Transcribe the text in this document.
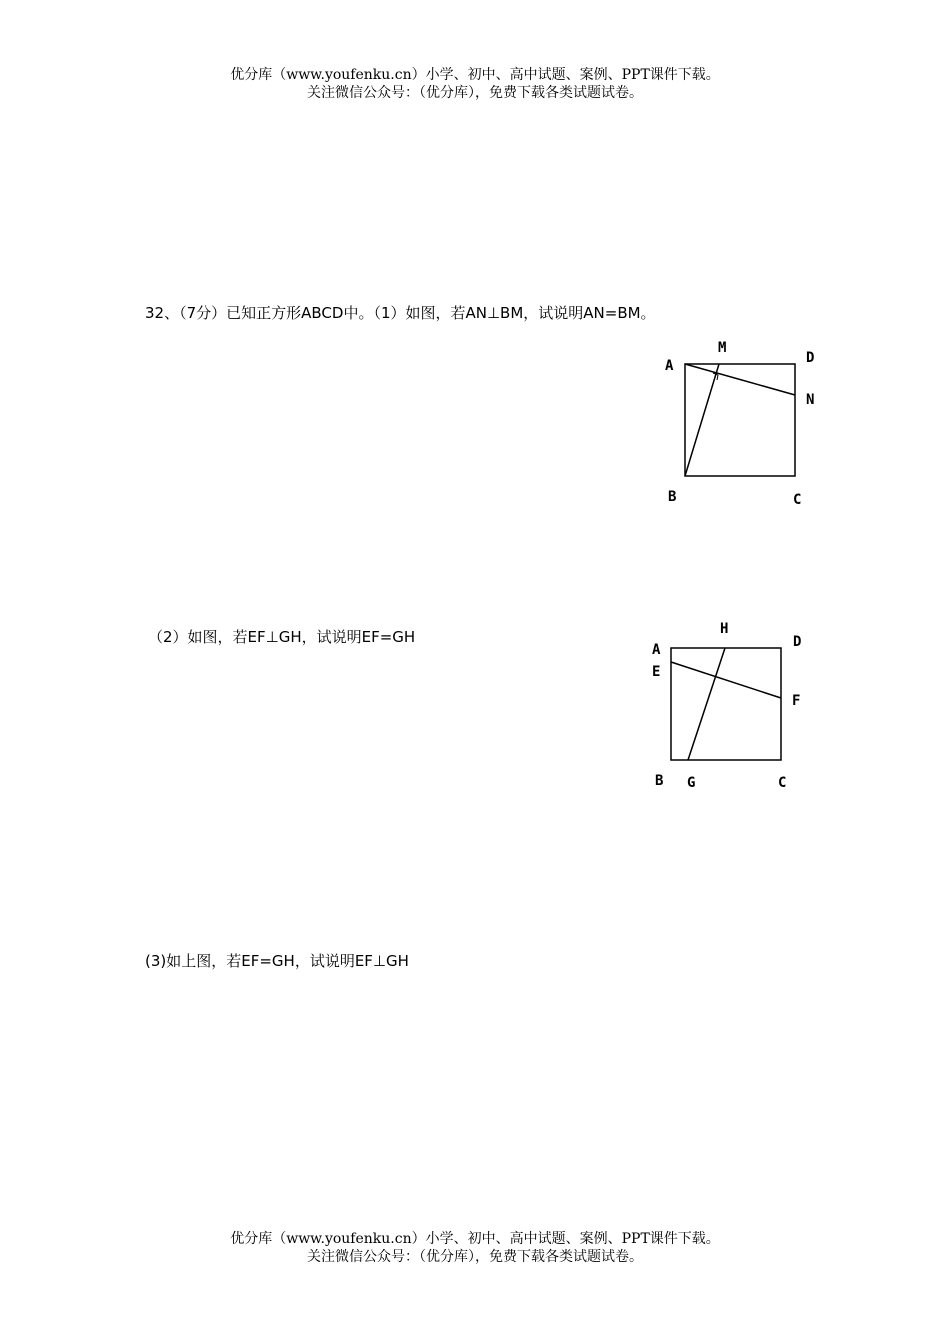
优分库（www.youfenku.cn）小学、初中、高中试题、案例、PPT课件下载。
关注微信公众号：（优分库），免费下载各类试题试卷。
32、（7分）已知正方形ABCD中。（1）如图，若AN⊥BM，试说明AN=BM。
A
M
D
N
B	C
（2）如图，若EF⊥GH，试说明EF=GH
A
E
H
D
F
B G	C
(3)如上图，若EF=GH，试说明EF⊥GH
优分库（www.youfenku.cn）小学、初中、高中试题、案例、PPT课件下载。
关注微信公众号：（优分库），免费下载各类试题试卷。
